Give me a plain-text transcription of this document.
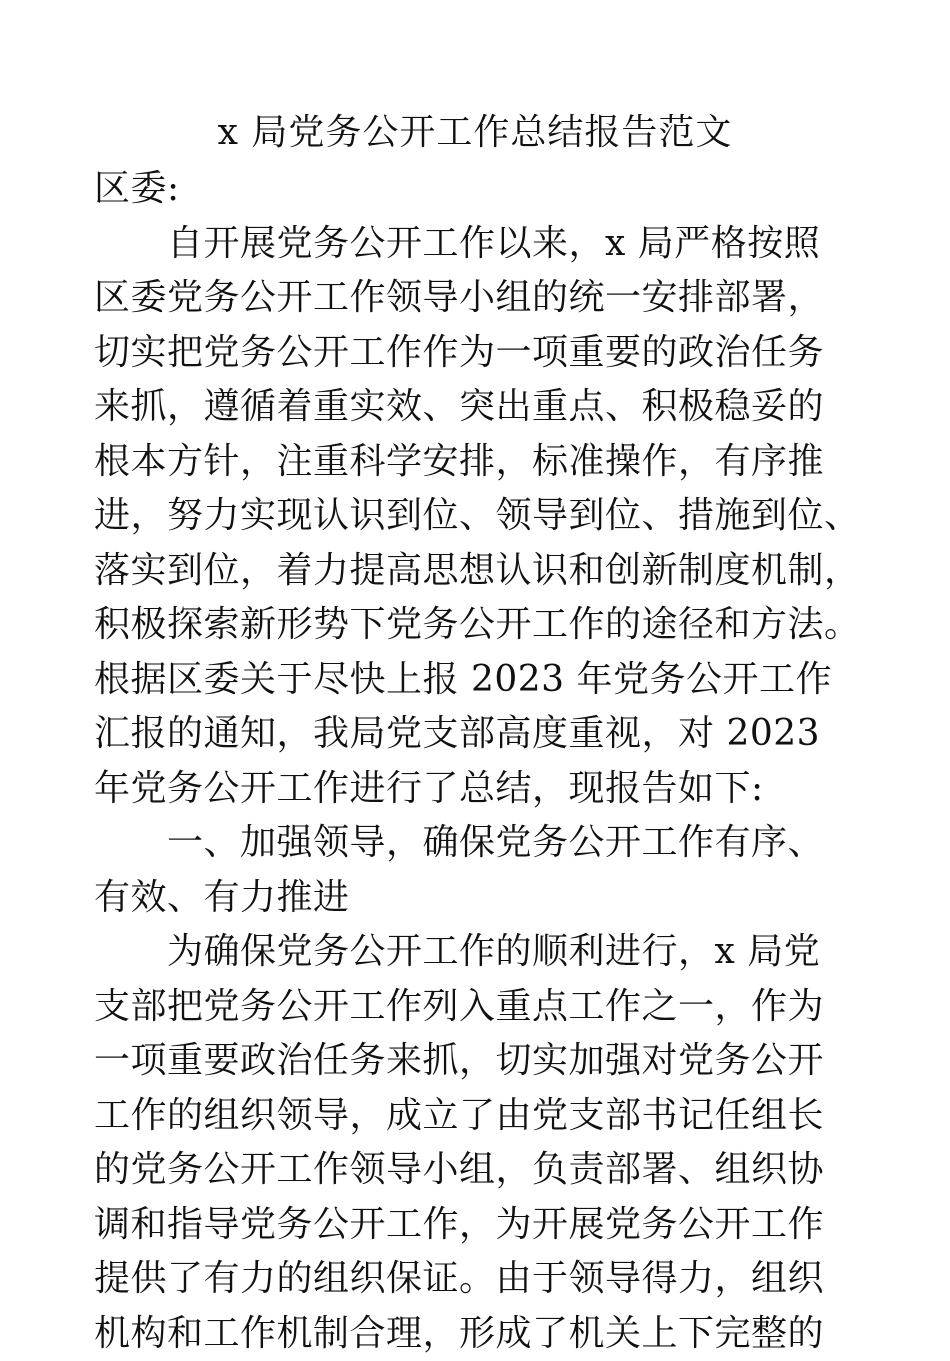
x 局党务公开工作总结报告范文
区委:
　　自开展党务公开工作以来，x 局严格按照
区委党务公开工作领导小组的统一安排部署，
切实把党务公开工作作为一项重要的政治任务
来抓，遵循着重实效、突出重点、积极稳妥的
根本方针，注重科学安排，标准操作，有序推
进，努力实现认识到位、领导到位、措施到位、
落实到位，着力提高思想认识和创新制度机制，
积极探索新形势下党务公开工作的途径和方法。
根据区委关于尽快上报 2023 年党务公开工作
汇报的通知，我局党支部高度重视，对 2023
年党务公开工作进行了总结，现报告如下:
　　一、加强领导，确保党务公开工作有序、
有效、有力推进
　　为确保党务公开工作的顺利进行，x 局党
支部把党务公开工作列入重点工作之一，作为
一项重要政治任务来抓，切实加强对党务公开
工作的组织领导，成立了由党支部书记任组长
的党务公开工作领导小组，负责部署、组织协
调和指导党务公开工作，为开展党务公开工作
提供了有力的组织保证。由于领导得力，组织
机构和工作机制合理，形成了机关上下完整的
